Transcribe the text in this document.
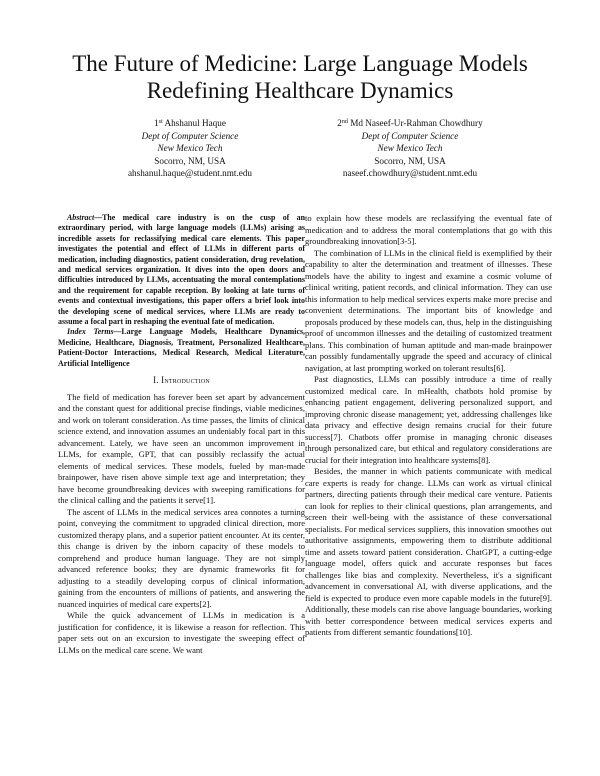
The Future of Medicine: Large Language Models
Redefining Healthcare Dynamics
1st Ahshanul Haque
Dept of Computer Science
New Mexico Tech
Socorro, NM, USA
ahshanul.haque@student.nmt.edu
2nd Md Naseef-Ur-Rahman Chowdhury
Dept of Computer Science
New Mexico Tech
Socorro, NM, USA
naseef.chowdhury@student.nmt.edu

Abstract—The medical care industry is on the cusp of an extraordinary period, with large language models (LLMs) arising as incredible assets for reclassifying medical care elements. This paper investigates the potential and effect of LLMs in different parts of medication, including diagnostics, patient consideration, drug revelation, and medical services organization. It dives into the open doors and difficulties introduced by LLMs, accentuating the moral contemplations and the requirement for capable reception. By looking at late turns of events and contextual investigations, this paper offers a brief look into the developing scene of medical services, where LLMs are ready to assume a focal part in reshaping the eventual fate of medication.

Index Terms—Large Language Models, Healthcare Dynamics, Medicine, Healthcare, Diagnosis, Treatment, Personalized Healthcare, Patient-Doctor Interactions, Medical Research, Medical Literature, Artificial Intelligence

I. Introduction

The field of medication has forever been set apart by advancement and the constant quest for additional precise findings, viable medicines, and work on tolerant consideration. As time passes, the limits of clinical science extend, and innovation assumes an undeniably focal part in this advancement. Lately, we have seen an uncommon improvement in LLMs, for example, GPT, that can possibly reclassify the actual elements of medical services. These models, fueled by man-made brainpower, have risen above simple text age and interpretation; they have become groundbreaking devices with sweeping ramifications for the clinical calling and the patients it serve[1].

The ascent of LLMs in the medical services area connotes a turning point, conveying the commitment to upgraded clinical direction, more customized therapy plans, and a superior patient encounter. At its center, this change is driven by the inborn capacity of these models to comprehend and produce human language. They are not simply advanced reference books; they are dynamic frameworks fit for adjusting to a steadily developing corpus of clinical information, gaining from the encounters of millions of patients, and answering the nuanced inquiries of medical care experts[2].

While the quick advancement of LLMs in medication is a justification for confidence, it is likewise a reason for reflection. This paper sets out on an excursion to investigate the sweeping effect of LLMs on the medical care scene. We want

to explain how these models are reclassifying the eventual fate of medication and to address the moral contemplations that go with this groundbreaking innovation[3-5].

The combination of LLMs in the clinical field is exemplified by their capability to alter the determination and treatment of illnesses. These models have the ability to ingest and examine a cosmic volume of clinical writing, patient records, and clinical information. They can use this information to help medical services experts make more precise and convenient determinations. The important bits of knowledge and proposals produced by these models can, thus, help in the distinguishing proof of uncommon illnesses and the detailing of customized treatment plans. This combination of human aptitude and man-made brainpower can possibly fundamentally upgrade the speed and accuracy of clinical navigation, at last prompting worked on tolerant results[6].

Past diagnostics, LLMs can possibly introduce a time of really customized medical care. In mHealth, chatbots hold promise by enhancing patient engagement, delivering personalized support, and improving chronic disease management; yet, addressing challenges like data privacy and effective design remains crucial for their future success[7]. Chatbots offer promise in managing chronic diseases through personalized care, but ethical and regulatory considerations are crucial for their integration into healthcare systems[8].

Besides, the manner in which patients communicate with medical care experts is ready for change. LLMs can work as virtual clinical partners, directing patients through their medical care venture. Patients can look for replies to their clinical questions, plan arrangements, and screen their well-being with the assistance of these conversational specialists. For medical services suppliers, this innovation smoothes out authoritative assignments, empowering them to distribute additional time and assets toward patient consideration. ChatGPT, a cutting-edge language model, offers quick and accurate responses but faces challenges like bias and complexity. Nevertheless, it's a significant advancement in conversational AI, with diverse applications, and the field is expected to produce even more capable models in the future[9]. Additionally, these models can rise above language boundaries, working with better correspondence between medical services experts and patients from different semantic foundations[10].
